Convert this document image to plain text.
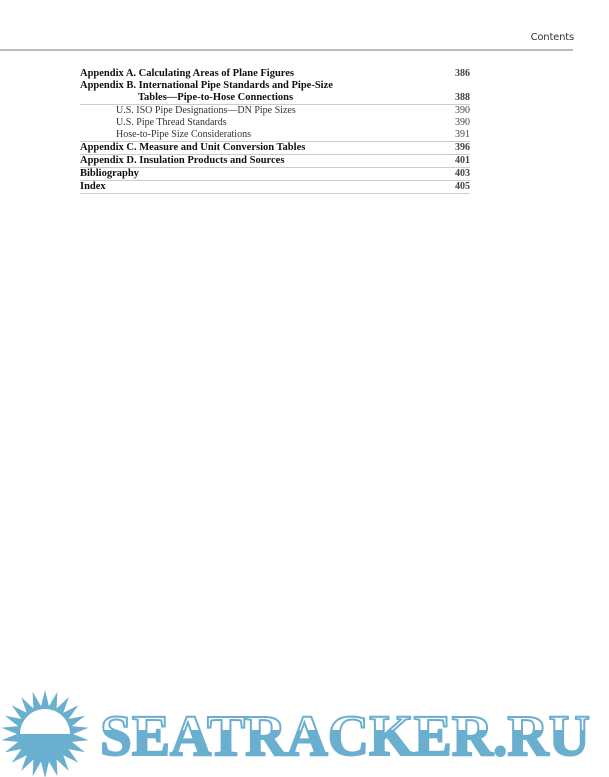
Contents
Appendix A. Calculating Areas of Plane Figures	386
Appendix B. International Pipe Standards and Pipe-Size
Tables—Pipe-to-Hose Connections	388
U.S. ISO Pipe Designations—DN Pipe Sizes	390
U.S. Pipe Thread Standards	390
Hose-to-Pipe Size Considerations	391
Appendix C. Measure and Unit Conversion Tables	396
Appendix D. Insulation Products and Sources	401
Bibliography	403
Index	405
SEATRACKER.RU
